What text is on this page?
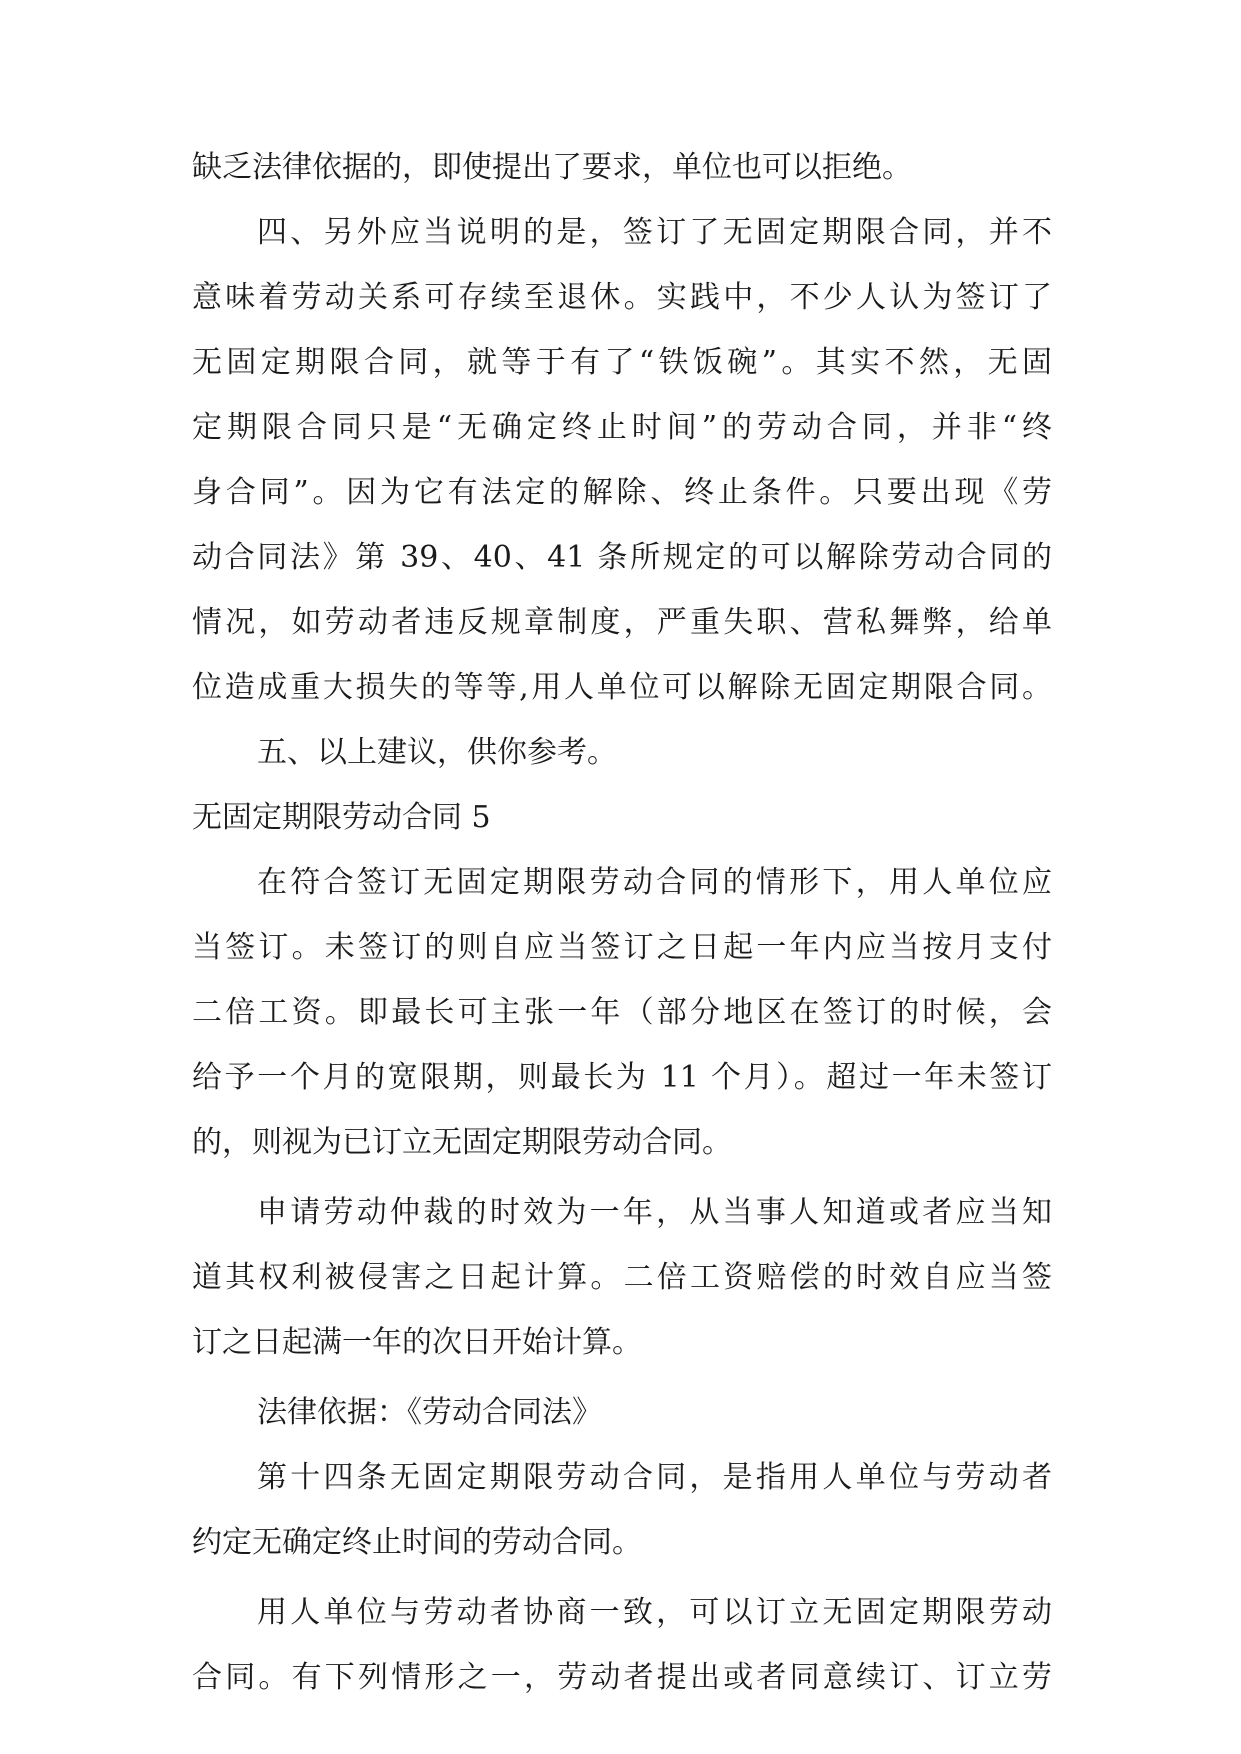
缺乏法律依据的，即使提出了要求，单位也可以拒绝。
四、另外应当说明的是，签订了无固定期限合同，并不
意味着劳动关系可存续至退休。实践中，不少人认为签订了
无固定期限合同，就等于有了“铁饭碗”。其实不然，无固
定期限合同只是“无确定终止时间”的劳动合同，并非“终
身合同”。因为它有法定的解除、终止条件。只要出现《劳
动合同法》第 39、40、41 条所规定的可以解除劳动合同的
情况，如劳动者违反规章制度，严重失职、营私舞弊，给单
位造成重大损失的等等,用人单位可以解除无固定期限合同。
五、以上建议，供你参考。
无固定期限劳动合同 5
在符合签订无固定期限劳动合同的情形下，用人单位应
当签订。未签订的则自应当签订之日起一年内应当按月支付
二倍工资。即最长可主张一年（部分地区在签订的时候，会
给予一个月的宽限期，则最长为 11 个月）。超过一年未签订
的，则视为已订立无固定期限劳动合同。
申请劳动仲裁的时效为一年，从当事人知道或者应当知
道其权利被侵害之日起计算。二倍工资赔偿的时效自应当签
订之日起满一年的次日开始计算。
法律依据：《劳动合同法》
第十四条无固定期限劳动合同，是指用人单位与劳动者
约定无确定终止时间的劳动合同。
用人单位与劳动者协商一致，可以订立无固定期限劳动
合同。有下列情形之一，劳动者提出或者同意续订、订立劳
